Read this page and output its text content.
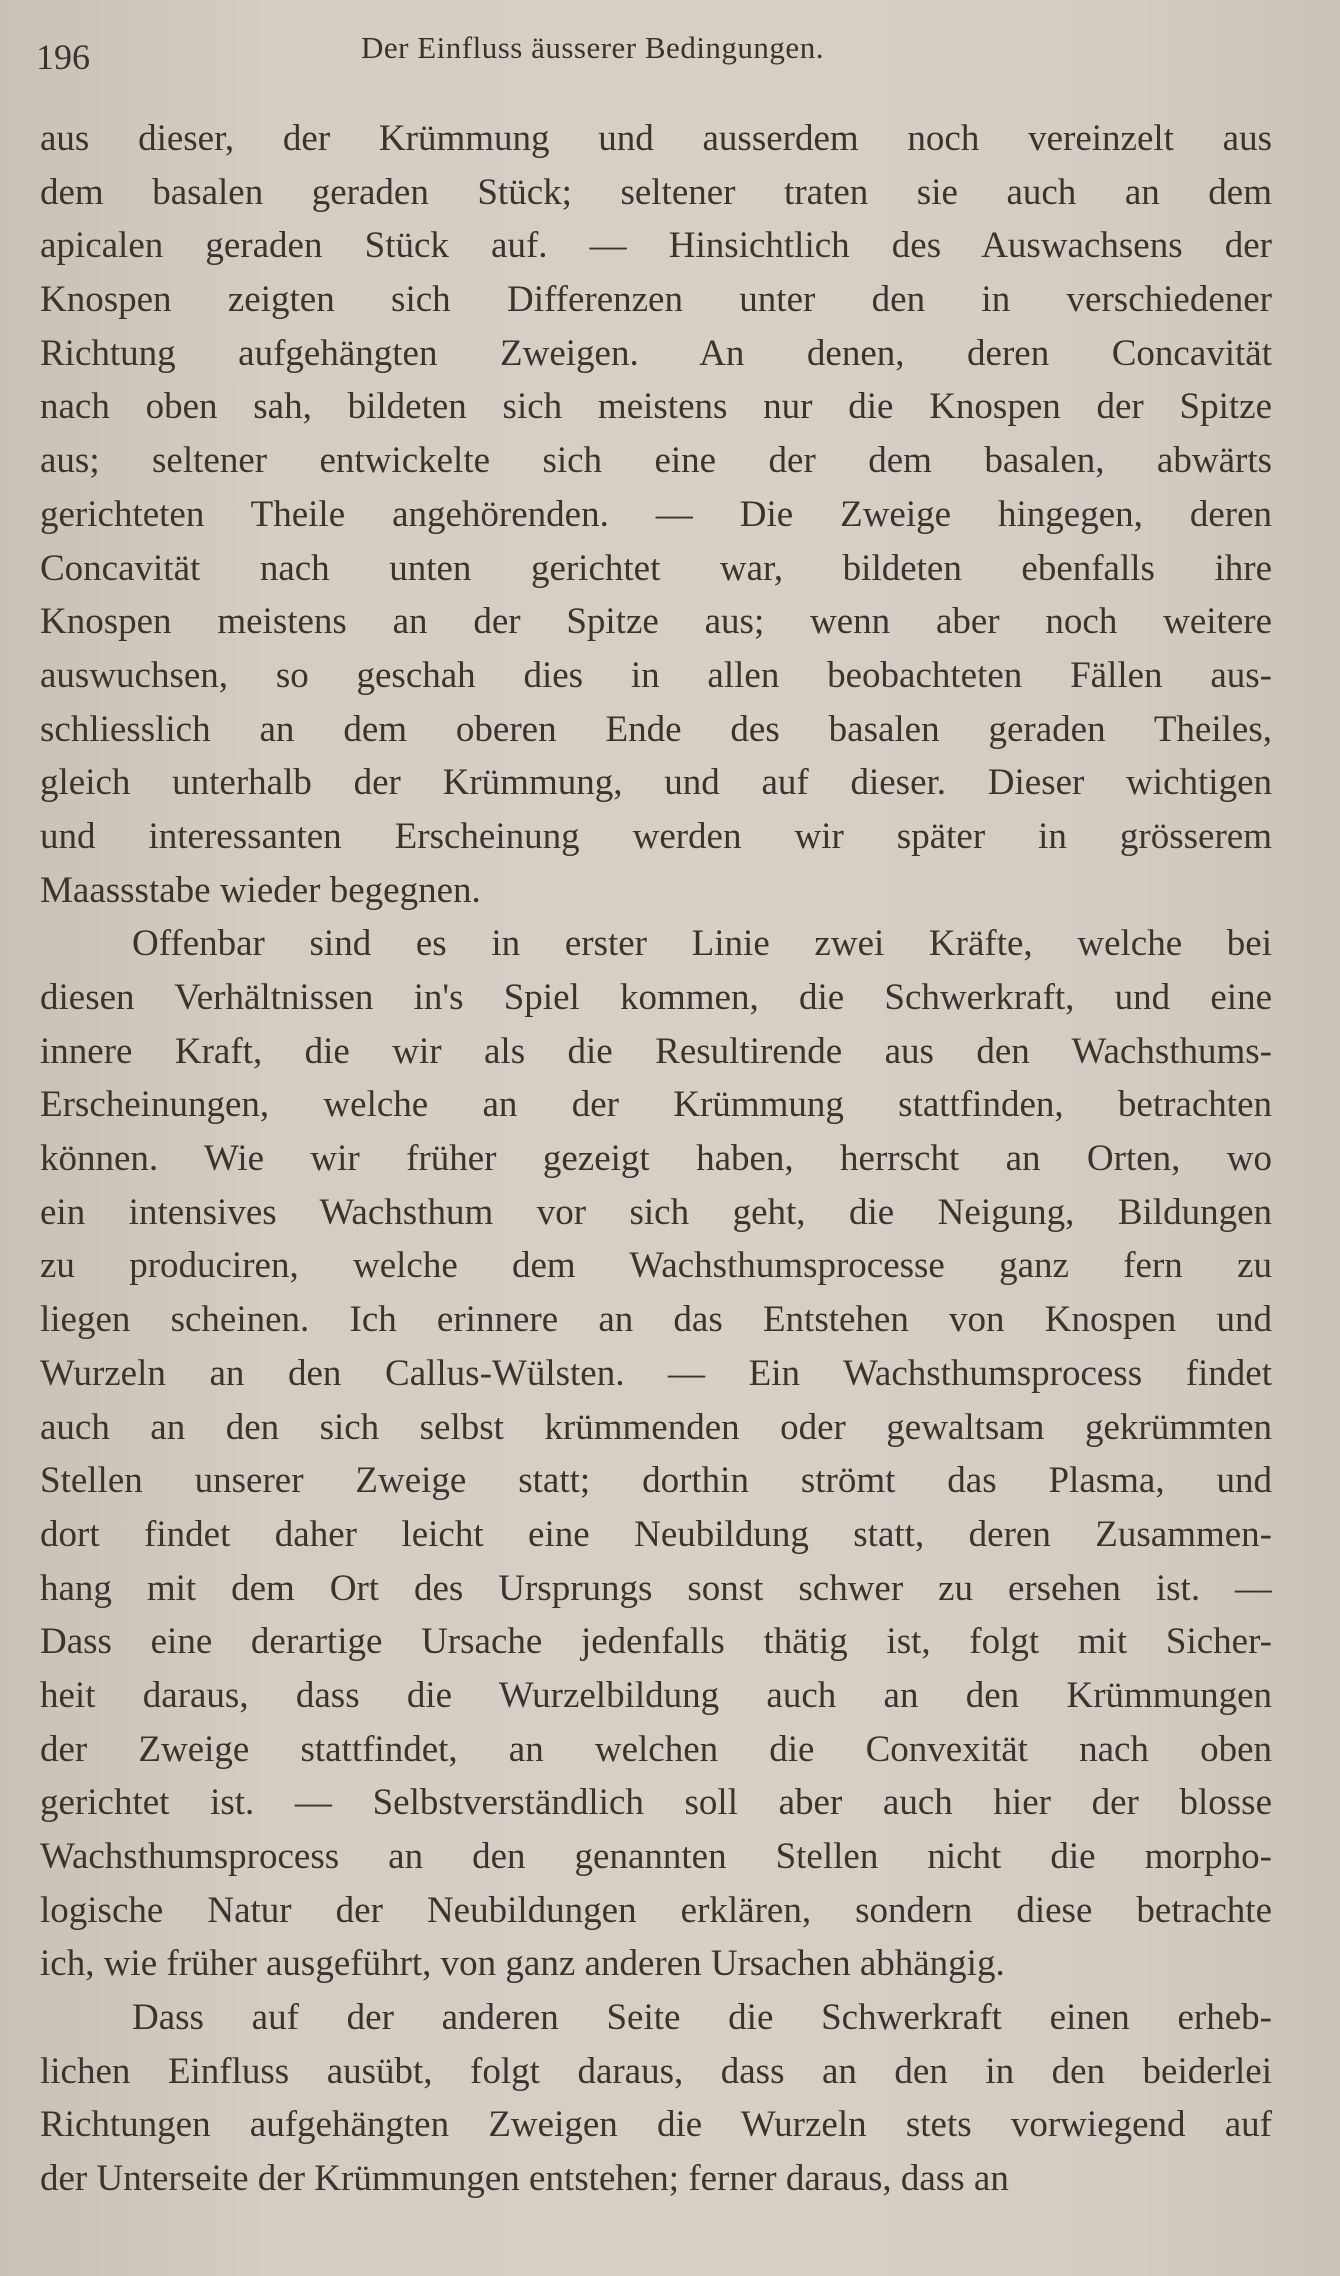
196	Der Einfluss äusserer Bedingungen.
aus dieser, der Krümmung und ausserdem noch vereinzelt aus
dem basalen geraden Stück; seltener traten sie auch an dem
apicalen geraden Stück auf. — Hinsichtlich des Auswachsens der
Knospen zeigten sich Differenzen unter den in verschiedener
Richtung aufgehängten Zweigen. An denen, deren Concavität
nach oben sah, bildeten sich meistens nur die Knospen der Spitze
aus; seltener entwickelte sich eine der dem basalen, abwärts
gerichteten Theile angehörenden. — Die Zweige hingegen, deren
Concavität nach unten gerichtet war, bildeten ebenfalls ihre
Knospen meistens an der Spitze aus; wenn aber noch weitere
auswuchsen, so geschah dies in allen beobachteten Fällen aus-
schliesslich an dem oberen Ende des basalen geraden Theiles,
gleich unterhalb der Krümmung, und auf dieser. Dieser wichtigen
und interessanten Erscheinung werden wir später in grösserem
Maassstabe wieder begegnen.
Offenbar sind es in erster Linie zwei Kräfte, welche bei
diesen Verhältnissen in's Spiel kommen, die Schwerkraft, und eine
innere Kraft, die wir als die Resultirende aus den Wachsthums-
Erscheinungen, welche an der Krümmung stattfinden, betrachten
können. Wie wir früher gezeigt haben, herrscht an Orten, wo
ein intensives Wachsthum vor sich geht, die Neigung, Bildungen
zu produciren, welche dem Wachsthumsprocesse ganz fern zu
liegen scheinen. Ich erinnere an das Entstehen von Knospen und
Wurzeln an den Callus-Wülsten. — Ein Wachsthumsprocess findet
auch an den sich selbst krümmenden oder gewaltsam gekrümmten
Stellen unserer Zweige statt; dorthin strömt das Plasma, und
dort findet daher leicht eine Neubildung statt, deren Zusammen-
hang mit dem Ort des Ursprungs sonst schwer zu ersehen ist. —
Dass eine derartige Ursache jedenfalls thätig ist, folgt mit Sicher-
heit daraus, dass die Wurzelbildung auch an den Krümmungen
der Zweige stattfindet, an welchen die Convexität nach oben
gerichtet ist. — Selbstverständlich soll aber auch hier der blosse
Wachsthumsprocess an den genannten Stellen nicht die morpho-
logische Natur der Neubildungen erklären, sondern diese betrachte
ich, wie früher ausgeführt, von ganz anderen Ursachen abhängig.
Dass auf der anderen Seite die Schwerkraft einen erheb-
lichen Einfluss ausübt, folgt daraus, dass an den in den beiderlei
Richtungen aufgehängten Zweigen die Wurzeln stets vorwiegend auf
der Unterseite der Krümmungen entstehen; ferner daraus, dass an
